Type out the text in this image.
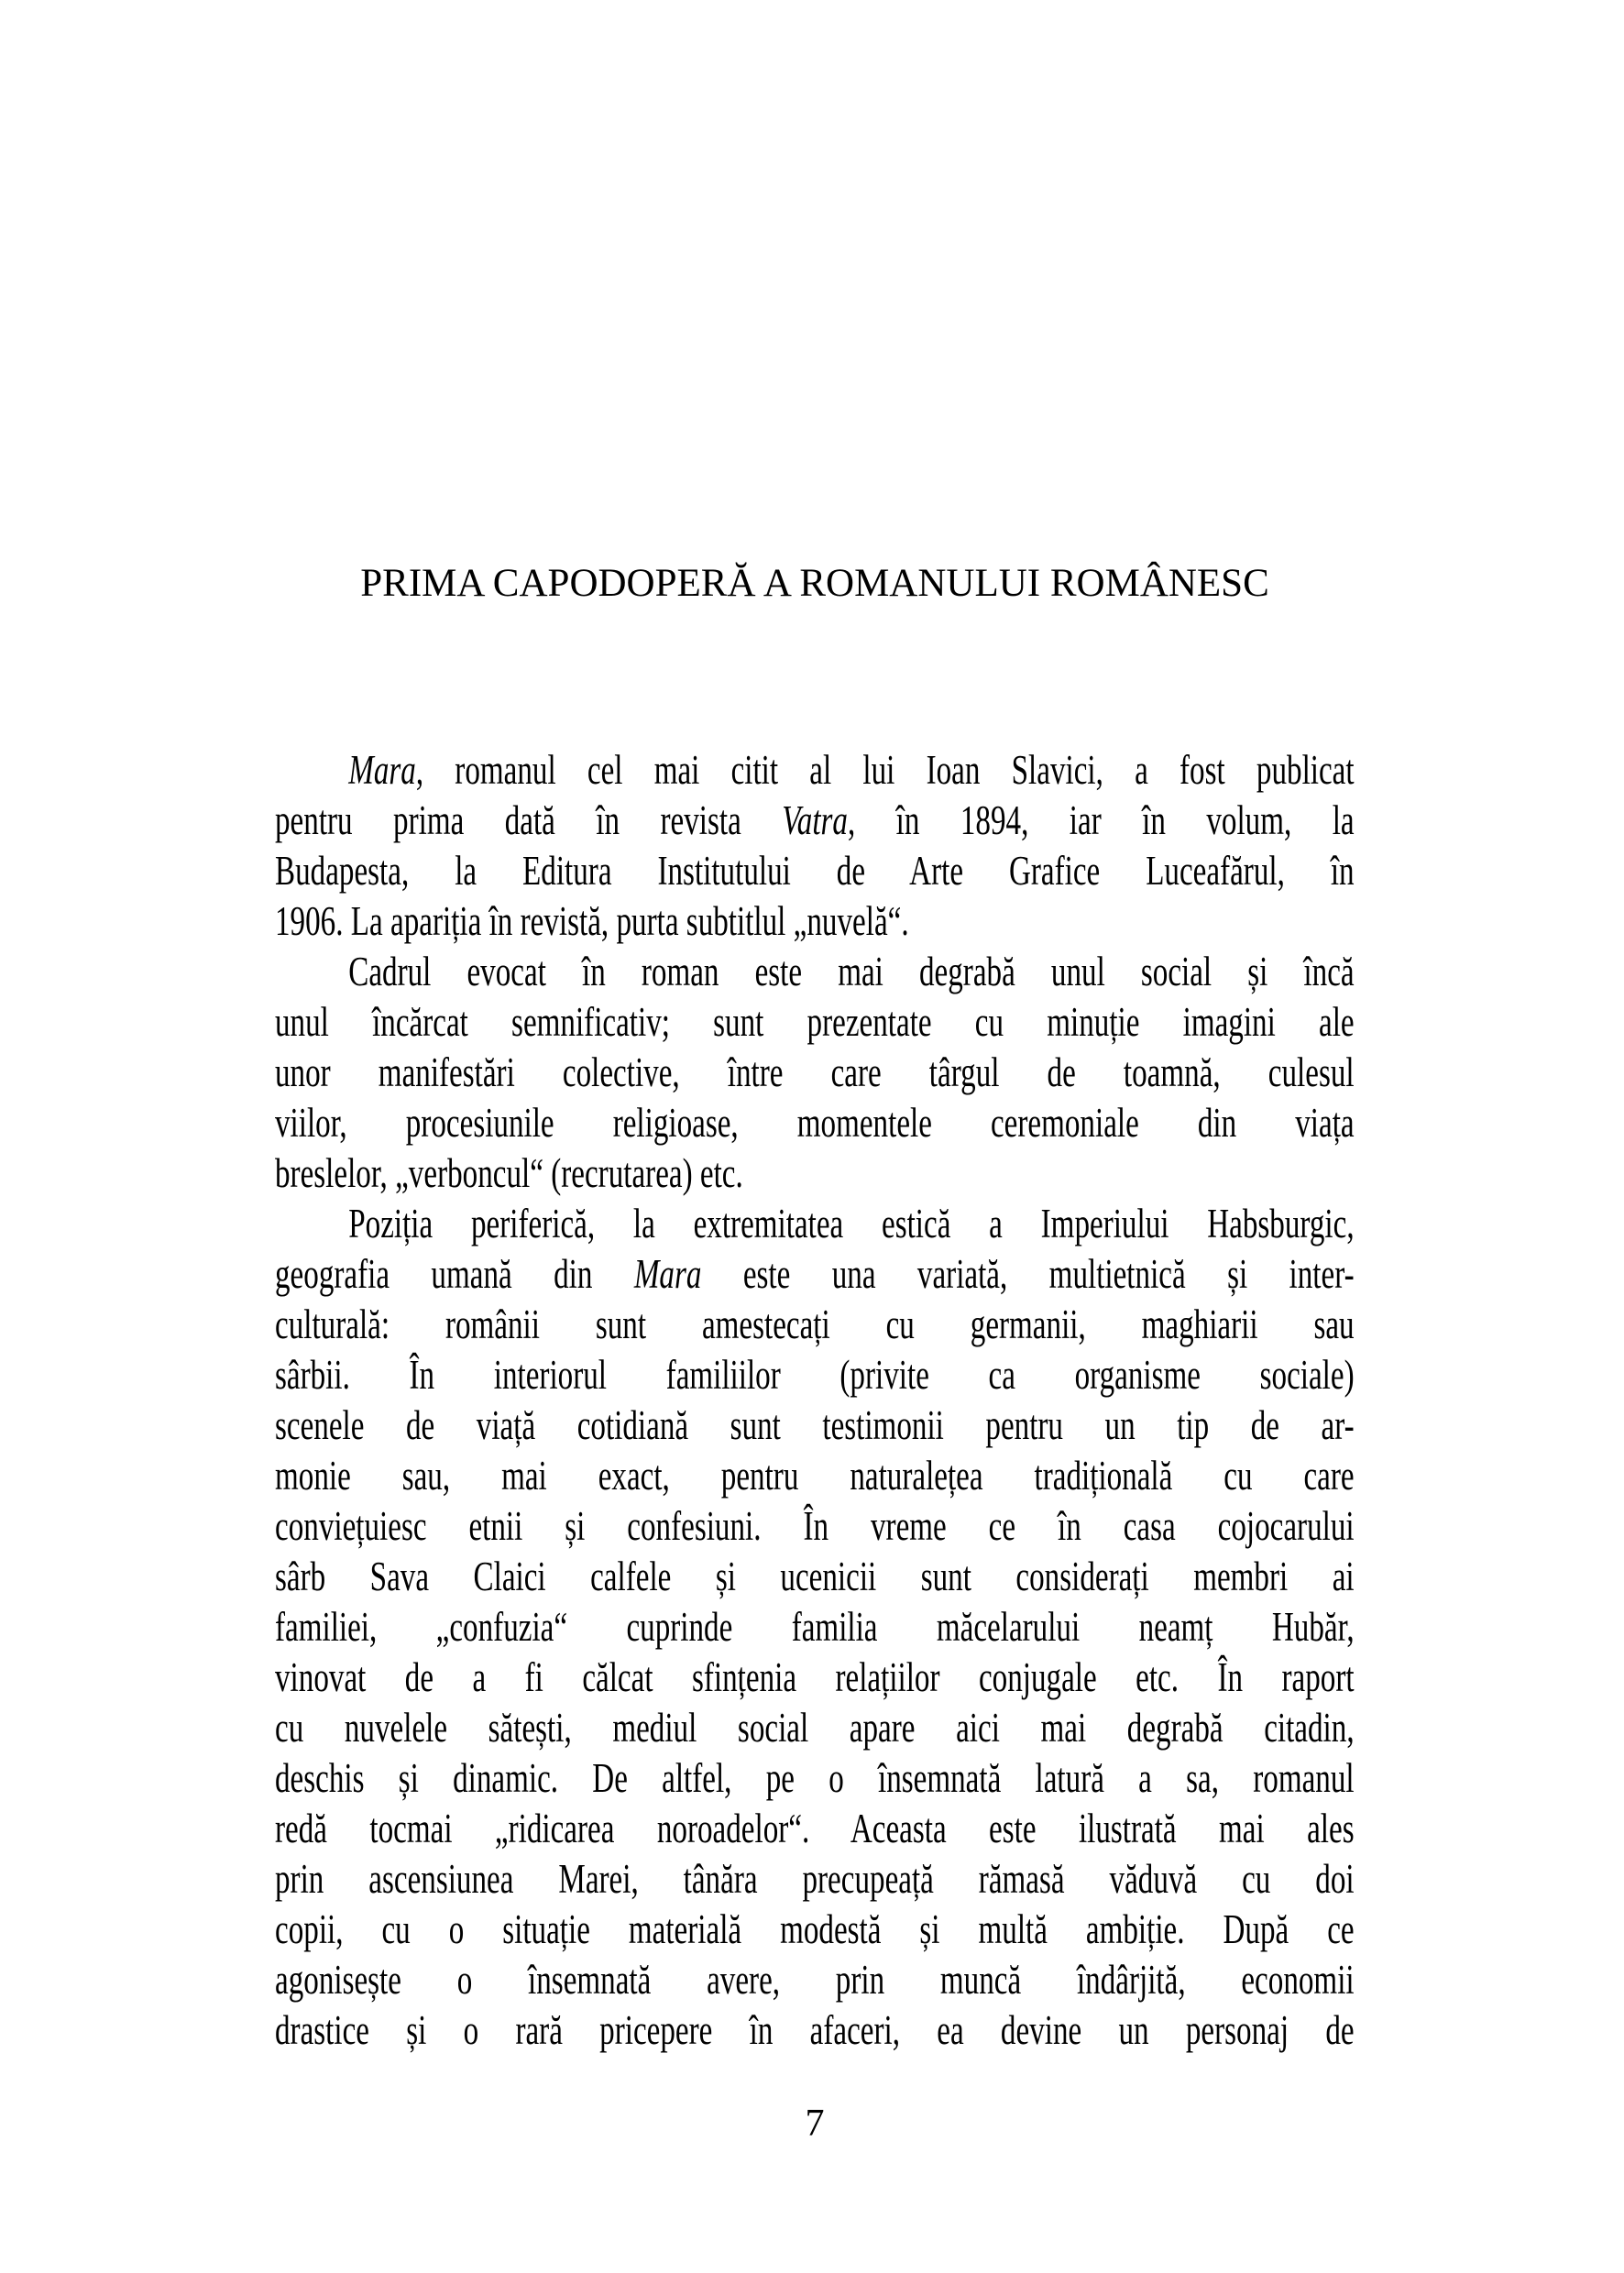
PRIMA CAPODOPERĂ A ROMANULUI ROMÂNESC
Mara, romanul cel mai citit al lui Ioan Slavici, a fost publicat
pentru prima dată în revista Vatra, în 1894, iar în volum, la
Budapesta, la Editura Institutului de Arte Grafice Luceafărul, în
1906. La apariția în revistă, purta subtitlul „nuvelă“.
Cadrul evocat în roman este mai degrabă unul social și încă
unul încărcat semnificativ; sunt prezentate cu minuție imagini ale
unor manifestări colective, între care târgul de toamnă, culesul
viilor, procesiunile religioase, momentele ceremoniale din viața
breslelor, „verboncul“ (recrutarea) etc.
Poziția periferică, la extremitatea estică a Imperiului Habsburgic,
geografia umană din Mara este una variată, multietnică și inter-
culturală: românii sunt amestecați cu germanii, maghiarii sau
sârbii. În interiorul familiilor (privite ca organisme sociale)
scenele de viață cotidiană sunt testimonii pentru un tip de ar-
monie sau, mai exact, pentru naturalețea tradițională cu care
conviețuiesc etnii și confesiuni. În vreme ce în casa cojocarului
sârb Sava Claici calfele și ucenicii sunt considerați membri ai
familiei, „confuzia“ cuprinde familia măcelarului neamț Hubăr,
vinovat de a fi călcat sfințenia relațiilor conjugale etc. În raport
cu nuvelele sătești, mediul social apare aici mai degrabă citadin,
deschis și dinamic. De altfel, pe o însemnată latură a sa, romanul
redă tocmai „ridicarea noroadelor“. Aceasta este ilustrată mai ales
prin ascensiunea Marei, tânăra precupeață rămasă văduvă cu doi
copii, cu o situație materială modestă și multă ambiție. După ce
agonisește o însemnată avere, prin muncă îndârjită, economii
drastice și o rară pricepere în afaceri, ea devine un personaj de
7
